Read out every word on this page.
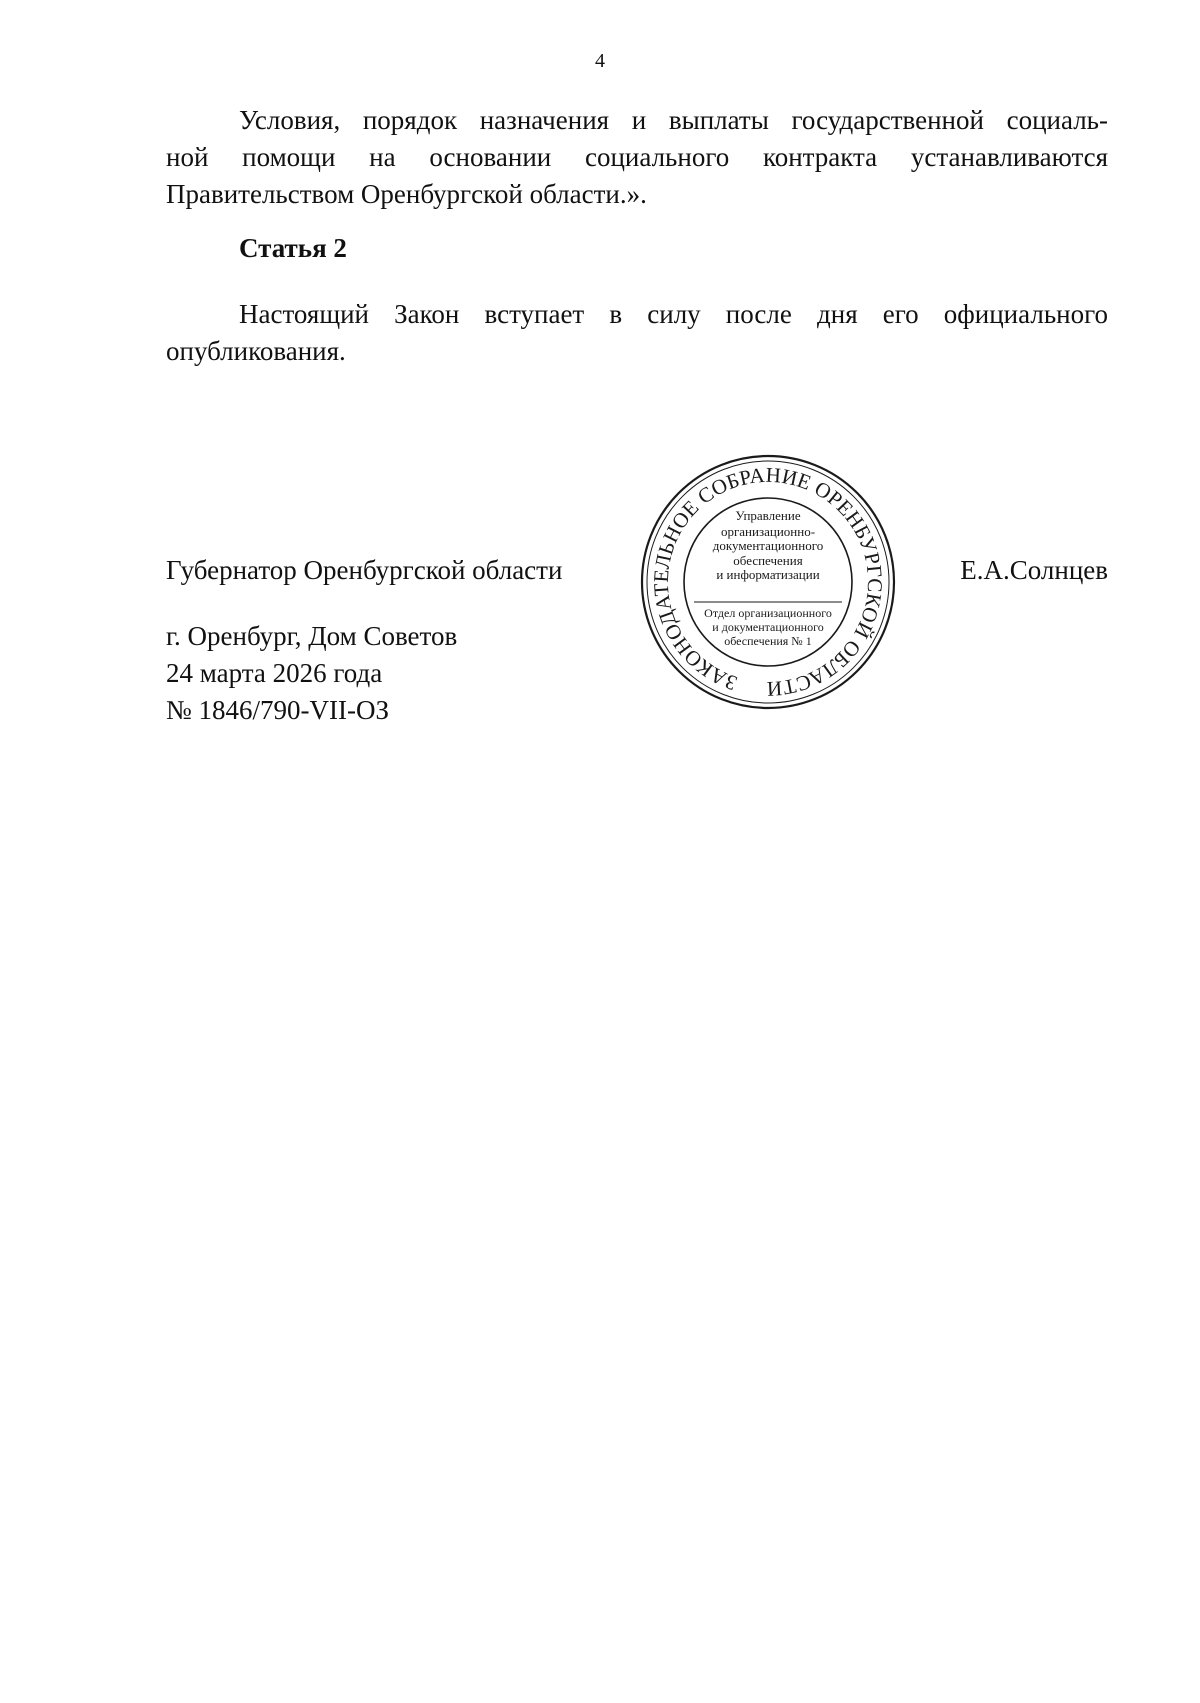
4
Условия, порядок назначения и выплаты государственной социаль-
ной помощи на основании социального контракта устанавливаются
Правительством Оренбургской области.».
Статья 2
Настоящий Закон вступает в силу после дня его официального
опубликования.
Губернатор Оренбургской области	Е.А.Солнцев
г. Оренбург, Дом Советов
24 марта 2026 года
№ 1846/790-VII-ОЗ
ЗАКОНОДАТЕЛЬНОЕ СОБРАНИЕ ОРЕНБУРГСКОЙ ОБЛАСТИ
Управление
организационно-
документационного
обеспечения
и информатизации
Отдел организационного
и документационного
обеспечения № 1
